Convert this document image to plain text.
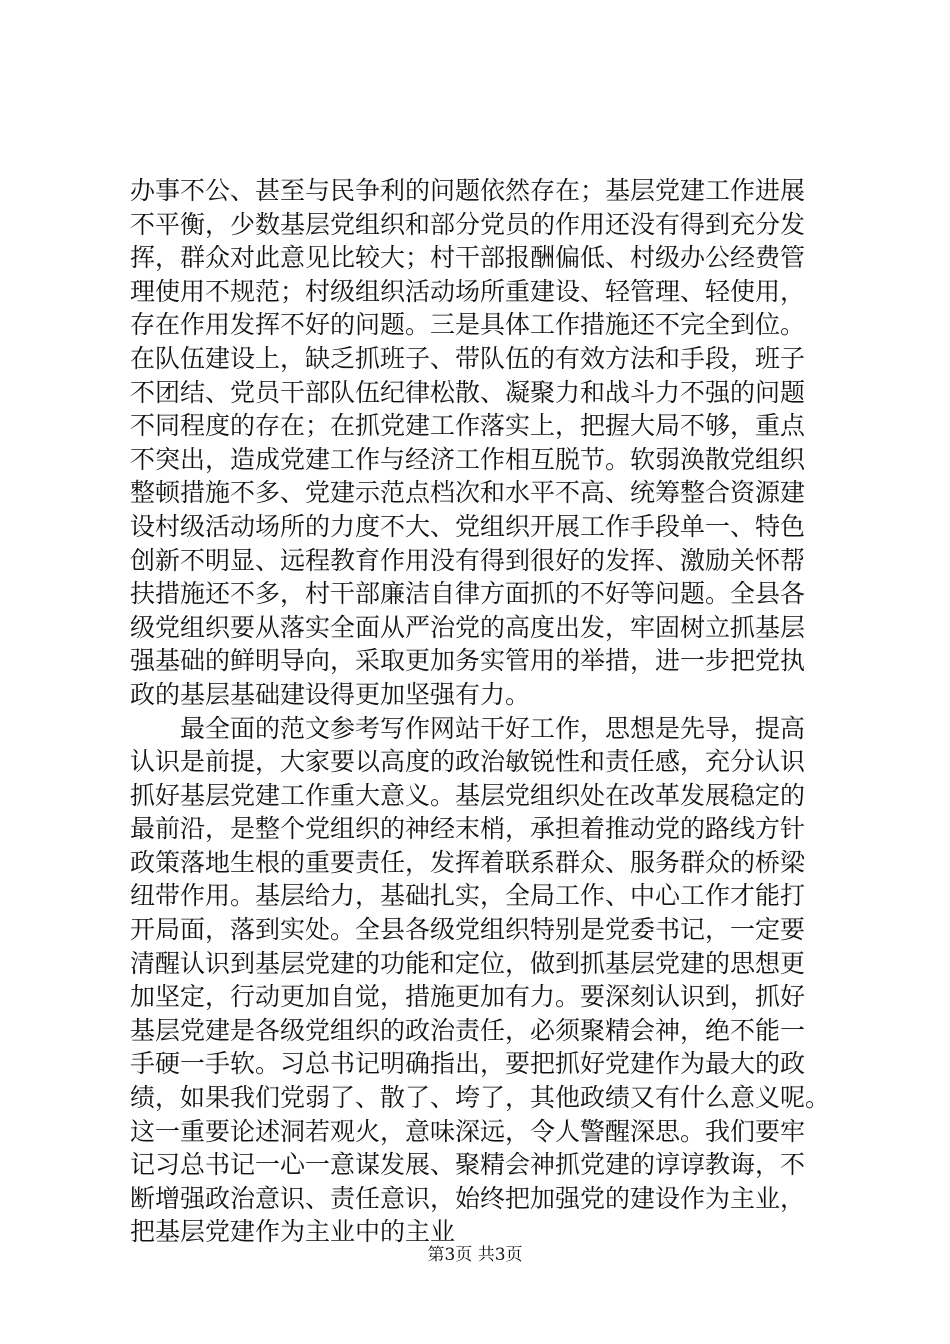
办事不公、甚至与民争利的问题依然存在；基层党建工作进展
不平衡，少数基层党组织和部分党员的作用还没有得到充分发
挥，群众对此意见比较大；村干部报酬偏低、村级办公经费管
理使用不规范；村级组织活动场所重建设、轻管理、轻使用，
存在作用发挥不好的问题。三是具体工作措施还不完全到位。
在队伍建设上，缺乏抓班子、带队伍的有效方法和手段，班子
不团结、党员干部队伍纪律松散、凝聚力和战斗力不强的问题
不同程度的存在；在抓党建工作落实上，把握大局不够，重点
不突出，造成党建工作与经济工作相互脱节。软弱涣散党组织
整顿措施不多、党建示范点档次和水平不高、统筹整合资源建
设村级活动场所的力度不大、党组织开展工作手段单一、特色
创新不明显、远程教育作用没有得到很好的发挥、激励关怀帮
扶措施还不多，村干部廉洁自律方面抓的不好等问题。全县各
级党组织要从落实全面从严治党的高度出发，牢固树立抓基层
强基础的鲜明导向，采取更加务实管用的举措，进一步把党执
政的基层基础建设得更加坚强有力。
最全面的范文参考写作网站干好工作，思想是先导，提高
认识是前提，大家要以高度的政治敏锐性和责任感，充分认识
抓好基层党建工作重大意义。基层党组织处在改革发展稳定的
最前沿，是整个党组织的神经末梢，承担着推动党的路线方针
政策落地生根的重要责任，发挥着联系群众、服务群众的桥梁
纽带作用。基层给力，基础扎实，全局工作、中心工作才能打
开局面，落到实处。全县各级党组织特别是党委书记，一定要
清醒认识到基层党建的功能和定位，做到抓基层党建的思想更
加坚定，行动更加自觉，措施更加有力。要深刻认识到，抓好
基层党建是各级党组织的政治责任，必须聚精会神，绝不能一
手硬一手软。习总书记明确指出，要把抓好党建作为最大的政
绩，如果我们党弱了、散了、垮了，其他政绩又有什么意义呢。
这一重要论述洞若观火，意味深远，令人警醒深思。我们要牢
记习总书记一心一意谋发展、聚精会神抓党建的谆谆教诲，不
断增强政治意识、责任意识，始终把加强党的建设作为主业，
把基层党建作为主业中的主业
第3页 共3页
